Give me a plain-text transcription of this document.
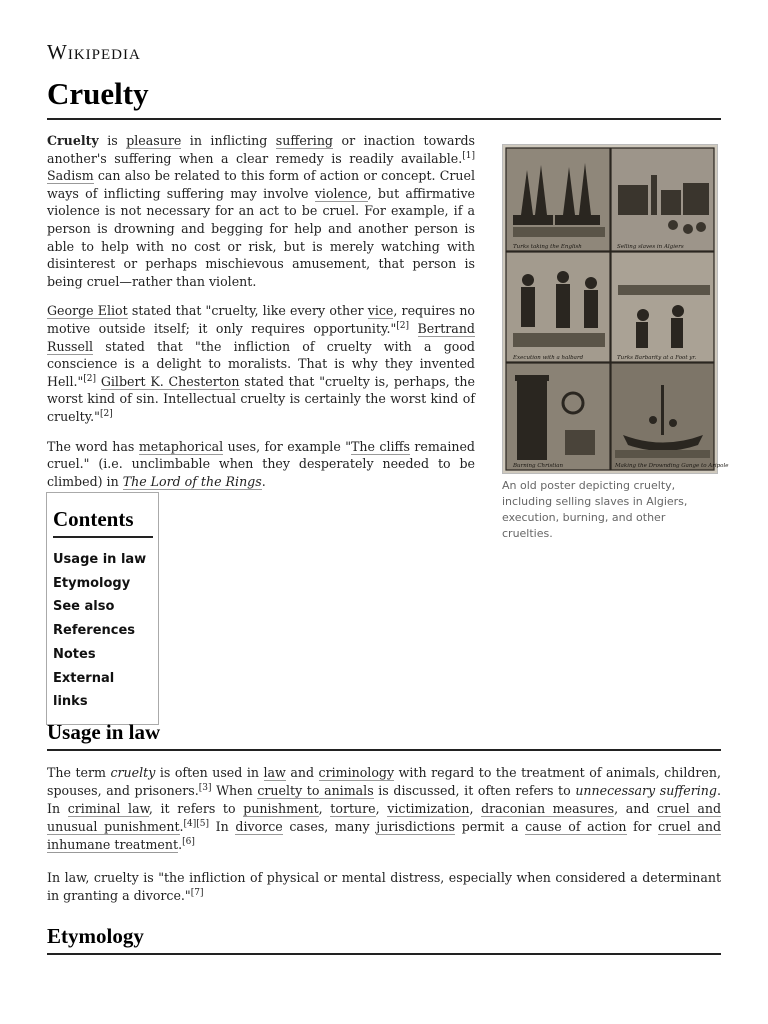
Wikipedia
Cruelty

Cruelty is pleasure in inflicting suffering or inaction towards another's suffering when a clear remedy is readily available.[1] Sadism can also be related to this form of action or concept. Cruel ways of inflicting suffering may involve violence, but affirmative violence is not necessary for an act to be cruel. For example, if a person is drowning and begging for help and another person is able to help with no cost or risk, but is merely watching with disinterest or perhaps mischievous amusement, that person is being cruel—rather than violent.

George Eliot stated that "cruelty, like every other vice, requires no motive outside itself; it only requires opportunity."[2] Bertrand Russell stated that "the infliction of cruelty with a good conscience is a delight to moralists. That is why they invented Hell."[2] Gilbert K. Chesterton stated that "cruelty is, perhaps, the worst kind of sin. Intellectual cruelty is certainly the worst kind of cruelty."[2]

The word has metaphorical uses, for example "The cliffs remained cruel." (i.e. unclimbable when they desperately needed to be climbed) in The Lord of the Rings.

Turks taking the English	Selling slaves in Algiers
Execution with a halbard	Turks Barbarity at a Foot yr.
Burning Christian	Making the Drownding Gange to Aripole
An old poster depicting cruelty, including selling slaves in Algiers, execution, burning, and other cruelties.
Contents
Usage in law
Etymology
See also
References
Notes
External links
Usage in law

The term cruelty is often used in law and criminology with regard to the treatment of animals, children, spouses, and prisoners.[3] When cruelty to animals is discussed, it often refers to unnecessary suffering. In criminal law, it refers to punishment, torture, victimization, draconian measures, and cruel and unusual punishment.[4][5] In divorce cases, many jurisdictions permit a cause of action for cruel and inhumane treatment.[6]

In law, cruelty is "the infliction of physical or mental distress, especially when considered a determinant in granting a divorce."[7]

Etymology
